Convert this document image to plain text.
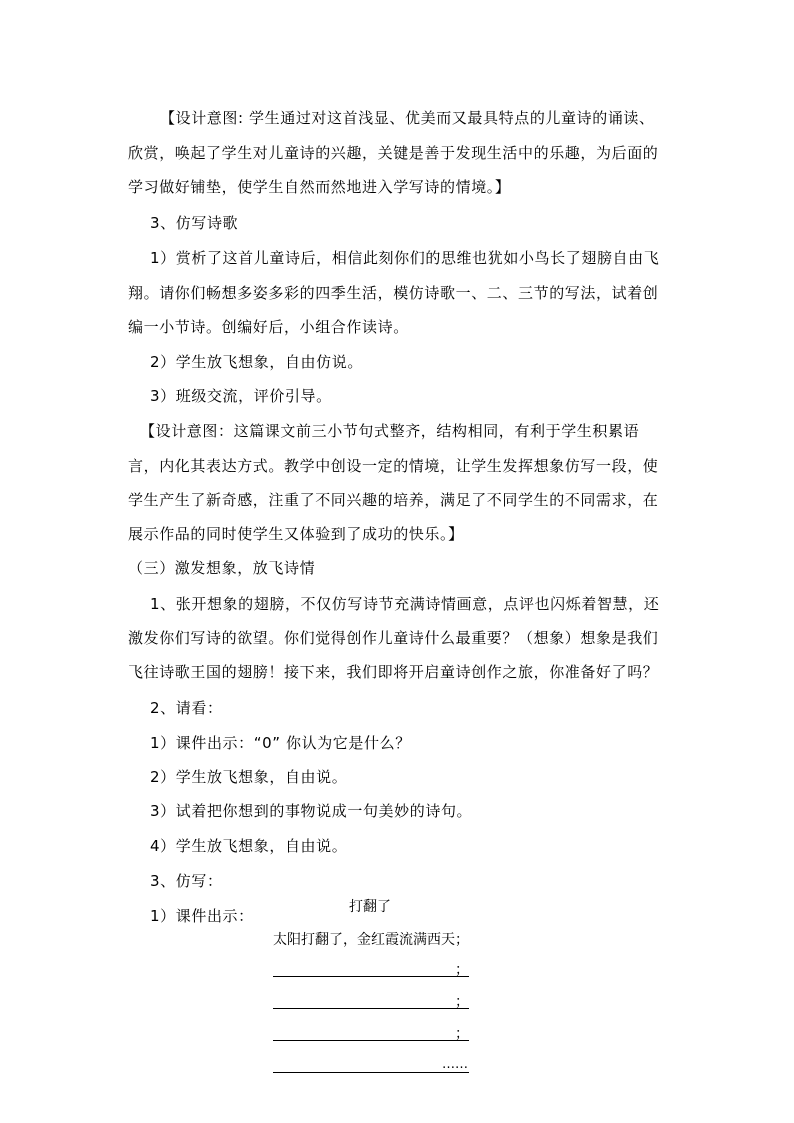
【设计意图: 学生通过对这首浅显、优美而又最具特点的儿童诗的诵读、
欣赏，唤起了学生对儿童诗的兴趣，关键是善于发现生活中的乐趣，为后面的
学习做好铺垫，使学生自然而然地进入学写诗的情境。】
3、仿写诗歌
1）赏析了这首儿童诗后，相信此刻你们的思维也犹如小鸟长了翅膀自由飞
翔。请你们畅想多姿多彩的四季生活，模仿诗歌一、二、三节的写法，试着创
编一小节诗。创编好后，小组合作读诗。
2）学生放飞想象，自由仿说。
3）班级交流，评价引导。
【设计意图：这篇课文前三小节句式整齐，结构相同，有利于学生积累语
言，内化其表达方式。教学中创设一定的情境，让学生发挥想象仿写一段，使
学生产生了新奇感，注重了不同兴趣的培养，满足了不同学生的不同需求，在
展示作品的同时使学生又体验到了成功的快乐。】
（三）激发想象，放飞诗情
1、张开想象的翅膀，不仅仿写诗节充满诗情画意，点评也闪烁着智慧，还
激发你们写诗的欲望。你们觉得创作儿童诗什么最重要？（想象）想象是我们
飞往诗歌王国的翅膀！接下来，我们即将开启童诗创作之旅，你准备好了吗？
2、请看：
1）课件出示：“0” 你认为它是什么？
2）学生放飞想象，自由说。
3）试着把你想到的事物说成一句美妙的诗句。
4）学生放飞想象，自由说。
3、仿写：
1）课件出示：	打翻了
太阳打翻了，金红霞流满西天；
；
；
；
……
